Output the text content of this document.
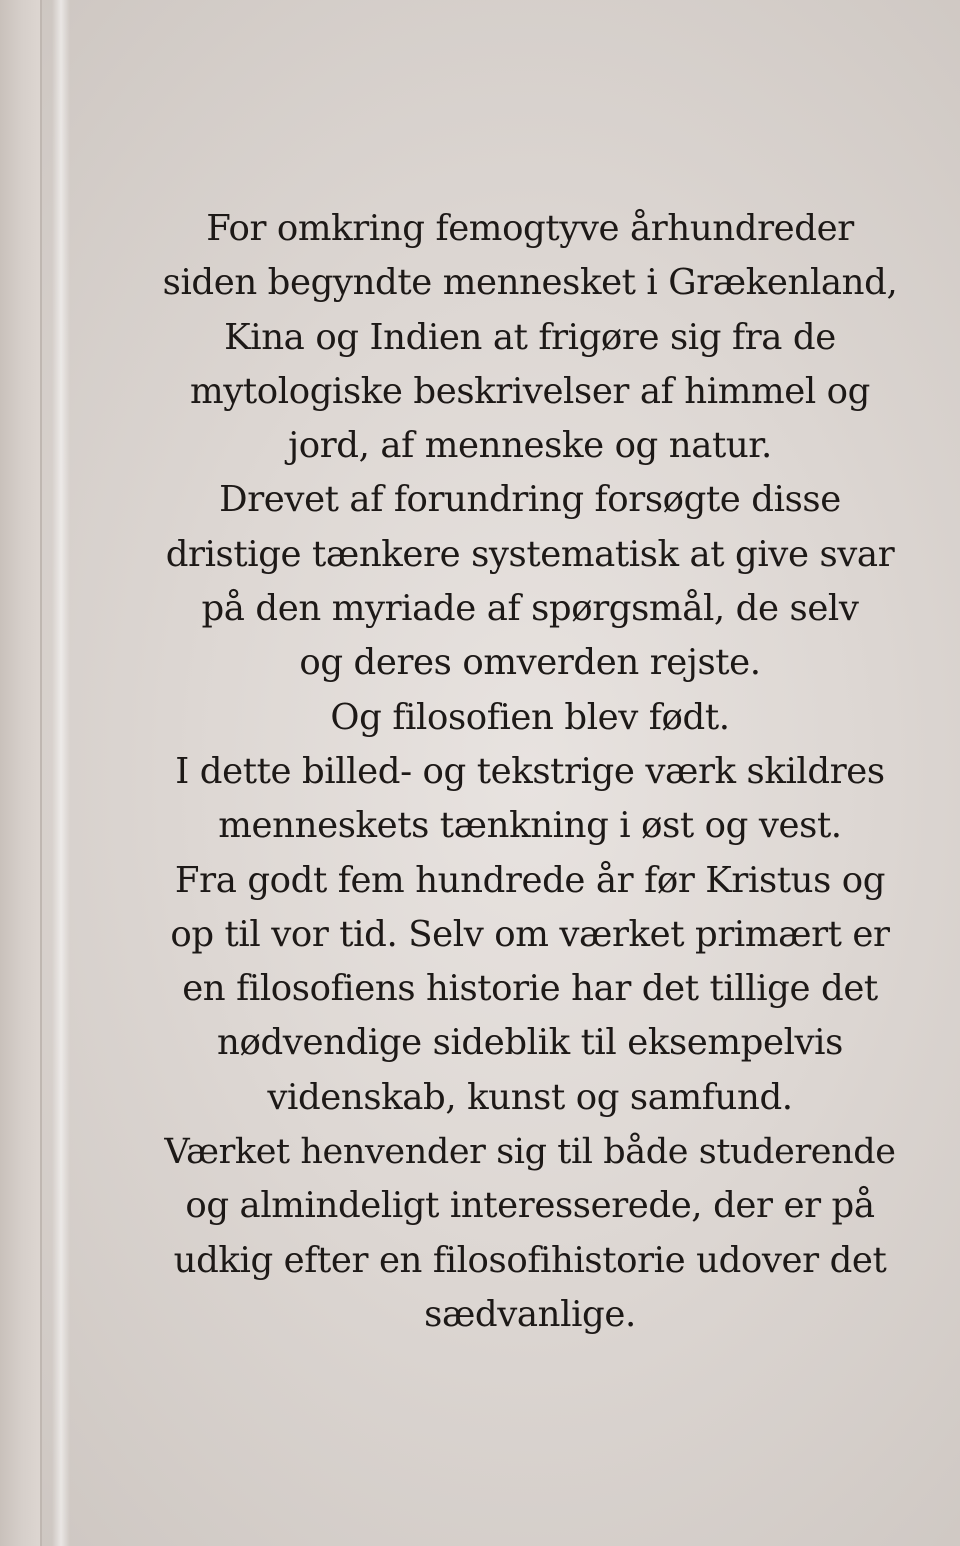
For omkring femogtyve århundreder
siden begyndte mennesket i Grækenland,
Kina og Indien at frigøre sig fra de
mytologiske beskrivelser af himmel og
jord, af menneske og natur.
Drevet af forundring forsøgte disse
dristige tænkere systematisk at give svar
på den myriade af spørgsmål, de selv
og deres omverden rejste.
Og filosofien blev født.
I dette billed- og tekstrige værk skildres
menneskets tænkning i øst og vest.
Fra godt fem hundrede år før Kristus og
op til vor tid. Selv om værket primært er
en filosofiens historie har det tillige det
nødvendige sideblik til eksempelvis
videnskab, kunst og samfund.
Værket henvender sig til både studerende
og almindeligt interesserede, der er på
udkig efter en filosofihistorie udover det
sædvanlige.
